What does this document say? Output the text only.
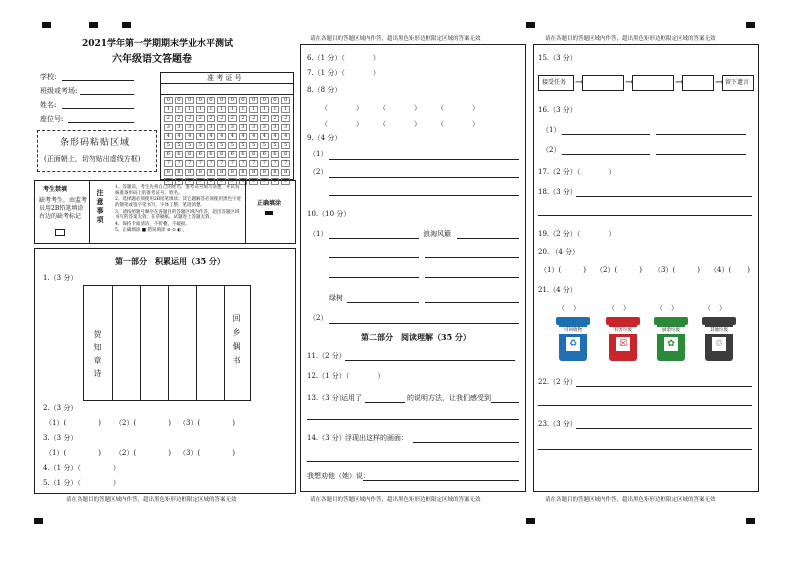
2021学年第一学期期末学业水平测试
六年级语文答题卷
学校:
班级或考场:
姓名:
座位号:
准 考 证 号
0	0	0	0	0	0	0	0	0	0	0	0
1	1	1	1	1	1	1	1	1	1	1	1
2	2	2	2	2	2	2	2	2	2	2	2
3	3	3	3	3	3	3	3	3	3	3	3
4	4	4	4	4	4	4	4	4	4	4	4
5	5	5	5	5	5	5	5	5	5	5	5
6	6	6	6	6	6	6	6	6	6	6	6
7	7	7	7	7	7	7	7	7	7	7	7
8	8	8	8	8	8	8	8	8	8	8	8
9	9	9	9	9	9	9	9	9	9	9	9
条形码粘贴区域
(正面朝上，切勿贴出虚线方框)
考生禁填
缺考考生，由监考员用2B铅笔填涂右边的缺考标记	注意事项
1、答题前，考生先将自己的姓名、准考证号填写清楚，并认真核准条形码上的准考证号、姓名。
2、选择题必须使用2B铅笔填涂；其它题解答必须使用黑色字迹的钢笔或签字笔书写，字体工整、笔迹清楚。
3、请按照题号顺序在各题目的答题区域内作答，超出答题区域书写的答案无效；在草稿纸、试题卷上答题无效。
4、保持卡面清洁，不折叠、不破损。
5、正确填涂 ■ 错误填涂 ⊘ ⊙ ◐ 。
正确填涂
第一部分　积累运用（35 分）
1.（3 分）
回乡偶书
贺知章诗
2.（3 分）
（1）(	) （2）(	) （3）(	)
3.（3 分）
（1）(	) （2）(	) （3）(	)
4.（1 分）（	）
5.（1 分）（	）
请在各题目的答题区域内作答，超出黑色矩形边框限定区域的答案无效
请在各题目的答题区域内作答，超出黑色矩形边框限定区域的答案无效
6.（1 分）（	）
7.（1 分）（	）
8.（8 分）
（	） （	） （	）
（	） （	） （	）
9.（4 分）
（1）
（2）
10.（10 分）
（1）	浪淘风簸
绿树
（2）
第二部分　阅读理解（35 分）
11.（2 分）
12.（1 分）（	）
13.（3 分）
运用了	的说明方法，让我们感受到
14.（3 分） 浮现出这样的画面：
我想劝他（她）说：
请在各题目的答题区域内作答，超出黑色矩形边框限定区域的答案无效
请在各题目的答题区域内作答，超出黑色矩形边框限定区域的答案无效
15.（3 分）
接受任务 →	→	→	→ 留下遗言
16.（3 分）
（1）
（2）
17.（2 分）（	）
18.（3 分）
19.（2 分）（	）
20. （4 分）
（1）(	) （2）(	) （3）(	) （4）( )
21.（4 分）
（ ）	（ ）	（ ）	（ ）
可回收物
♻
有害垃圾
☒
厨余垃圾
✿
其他垃圾
♲
22.（2 分）
23.（3 分）
请在各题目的答题区域内作答，超出黑色矩形边框限定区域的答案无效
